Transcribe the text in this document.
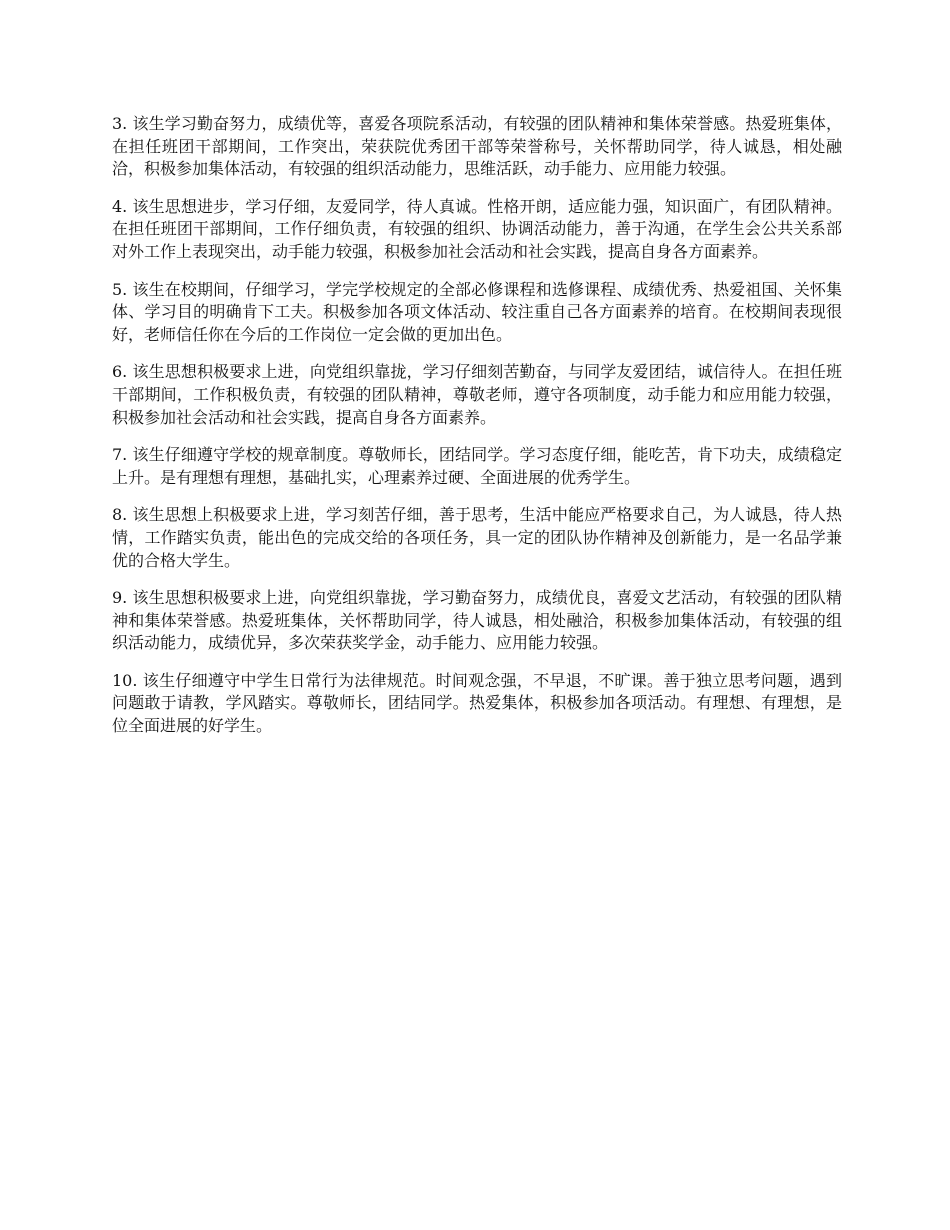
3. 该生学习勤奋努力，成绩优等，喜爱各项院系活动，有较强的团队精神和集体荣誉感。热爱班集体，在担任班团干部期间，工作突出，荣获院优秀团干部等荣誉称号，关怀帮助同学，待人诚恳，相处融洽，积极参加集体活动，有较强的组织活动能力，思维活跃，动手能力、应用能力较强。

4. 该生思想进步，学习仔细，友爱同学，待人真诚。性格开朗，适应能力强，知识面广，有团队精神。在担任班团干部期间，工作仔细负责，有较强的组织、协调活动能力，善于沟通，在学生会公共关系部对外工作上表现突出，动手能力较强，积极参加社会活动和社会实践，提高自身各方面素养。

5. 该生在校期间，仔细学习，学完学校规定的全部必修课程和选修课程、成绩优秀、热爱祖国、关怀集体、学习目的明确肯下工夫。积极参加各项文体活动、较注重自己各方面素养的培育。在校期间表现很好，老师信任你在今后的工作岗位一定会做的更加出色。

6. 该生思想积极要求上进，向党组织靠拢，学习仔细刻苦勤奋，与同学友爱团结，诚信待人。在担任班干部期间，工作积极负责，有较强的团队精神，尊敬老师，遵守各项制度，动手能力和应用能力较强，积极参加社会活动和社会实践，提高自身各方面素养。

7. 该生仔细遵守学校的规章制度。尊敬师长，团结同学。学习态度仔细，能吃苦，肯下功夫，成绩稳定上升。是有理想有理想，基础扎实，心理素养过硬、全面进展的优秀学生。

8. 该生思想上积极要求上进，学习刻苦仔细，善于思考，生活中能应严格要求自己，为人诚恳，待人热情，工作踏实负责，能出色的完成交给的各项任务，具一定的团队协作精神及创新能力，是一名品学兼优的合格大学生。

9. 该生思想积极要求上进，向党组织靠拢，学习勤奋努力，成绩优良，喜爱文艺活动，有较强的团队精神和集体荣誉感。热爱班集体，关怀帮助同学，待人诚恳，相处融洽，积极参加集体活动，有较强的组织活动能力，成绩优异，多次荣获奖学金，动手能力、应用能力较强。

10. 该生仔细遵守中学生日常行为法律规范。时间观念强，不早退，不旷课。善于独立思考问题，遇到问题敢于请教，学风踏实。尊敬师长，团结同学。热爱集体，积极参加各项活动。有理想、有理想，是位全面进展的好学生。
